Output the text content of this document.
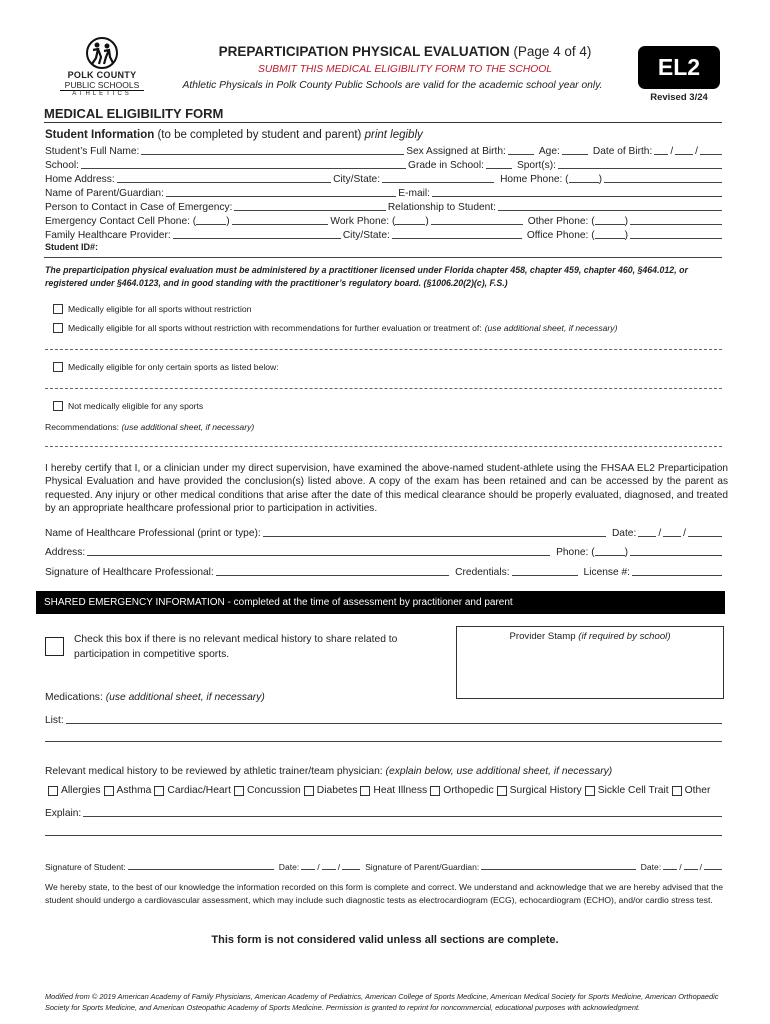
POLK COUNTY
PUBLIC SCHOOLS
ATHLETICS
PREPARTICIPATION PHYSICAL EVALUATION (Page 4 of 4)
SUBMIT THIS MEDICAL ELIGIBILITY FORM TO THE SCHOOL
Athletic Physicals in Polk County Public Schools are valid for the academic school year only.
EL2
Revised 3/24
MEDICAL ELIGIBILITY FORM
Student Information (to be completed by student and parent) print legibly
Student’s Full Name:	Sex Assigned at Birth:	Age:	Date of Birth: / /
School:	Grade in School:	Sport(s):
Home Address:	City/State:	Home Phone: (	)
Name of Parent/Guardian:	E-mail:
Person to Contact in Case of Emergency:	Relationship to Student:
Emergency Contact Cell Phone: (	)	Work Phone: (	)	Other Phone: (	)
Family Healthcare Provider:	City/State:	Office Phone: (	)
Student ID#:
The preparticipation physical evaluation must be administered by a practitioner licensed under Florida chapter 458, chapter 459, chapter 460, §464.012, or registered under §464.0123, and in good standing with the practitioner’s regulatory board. (§1006.20(2)(c), F.S.)
Medically eligible for all sports without restriction
Medically eligible for all sports without restriction with recommendations for further evaluation or treatment of: (use additional sheet, if necessary)
Medically eligible for only certain sports as listed below:
Not medically eligible for any sports
Recommendations: (use additional sheet, if necessary)
I hereby certify that I, or a clinician under my direct supervision, have examined the above-named student-athlete using the FHSAA EL2 Preparticipation Physical Evaluation and have provided the conclusion(s) listed above. A copy of the exam has been retained and can be accessed by the parent as requested. Any injury or other medical conditions that arise after the date of this medical clearance should be properly evaluated, diagnosed, and treated by an appropriate healthcare professional prior to participation in activities.
Name of Healthcare Professional (print or type):	Date: / /
Address:	Phone: (	)
Signature of Healthcare Professional:	Credentials:	License #:
SHARED EMERGENCY INFORMATION - completed at the time of assessment by practitioner and parent
Check this box if there is no relevant medical history to share related to participation in competitive sports.
Provider Stamp (if required by school)
Medications: (use additional sheet, if necessary)
List:
Relevant medical history to be reviewed by athletic trainer/team physician: (explain below, use additional sheet, if necessary)
Allergies Asthma Cardiac/Heart Concussion Diabetes Heat Illness Orthopedic Surgical History Sickle Cell Trait Other
Explain:
Signature of Student:	Date: / /	Signature of Parent/Guardian:	Date: / /
We hereby state, to the best of our knowledge the information recorded on this form is complete and correct. We understand and acknowledge that we are hereby advised that the student should undergo a cardiovascular assessment, which may include such diagnostic tests as electrocardiogram (ECG), echocardiogram (ECHO), and/or cardio stress test.
This form is not considered valid unless all sections are complete.
Modified from © 2019 American Academy of Family Physicians, American Academy of Pediatrics, American College of Sports Medicine, American Medical Society for Sports Medicine, American Orthopaedic Society for Sports Medicine, and American Osteopathic Academy of Sports Medicine. Permission is granted to reprint for noncommercial, educational purposes with acknowledgment.
